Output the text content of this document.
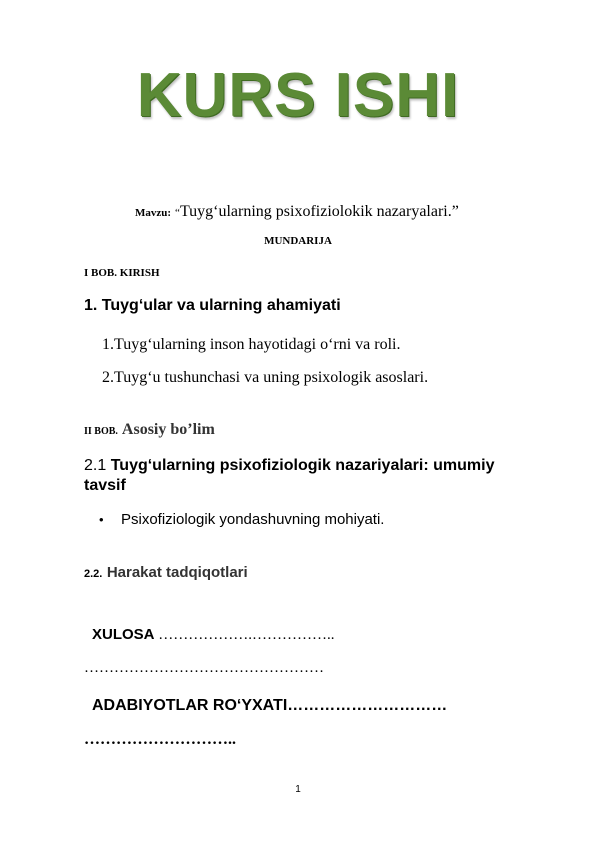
KURS ISHI
Mavzu: “Tuyg‘ularning psixofiziolokik nazaryalari.”
MUNDARIJA
I BOB. KIRISH
1. Tuyg‘ular va ularning ahamiyati
1.Tuyg‘ularning inson hayotidagi o‘rni va roli.
2.Tuyg‘u tushunchasi va uning psixologik asoslari.
II BOB. Asosiy bo’lim
2.1 Tuyg‘ularning psixofiziologik nazariyalari: umumiy tavsif
• Psixofiziologik yondashuvning mohiyati.
2.2. Harakat tadqiqotlari
XULOSA ……………….……………..
…………………………………………
ADABIYOTLAR RO‘YXATI…………………………
………………………..
1
